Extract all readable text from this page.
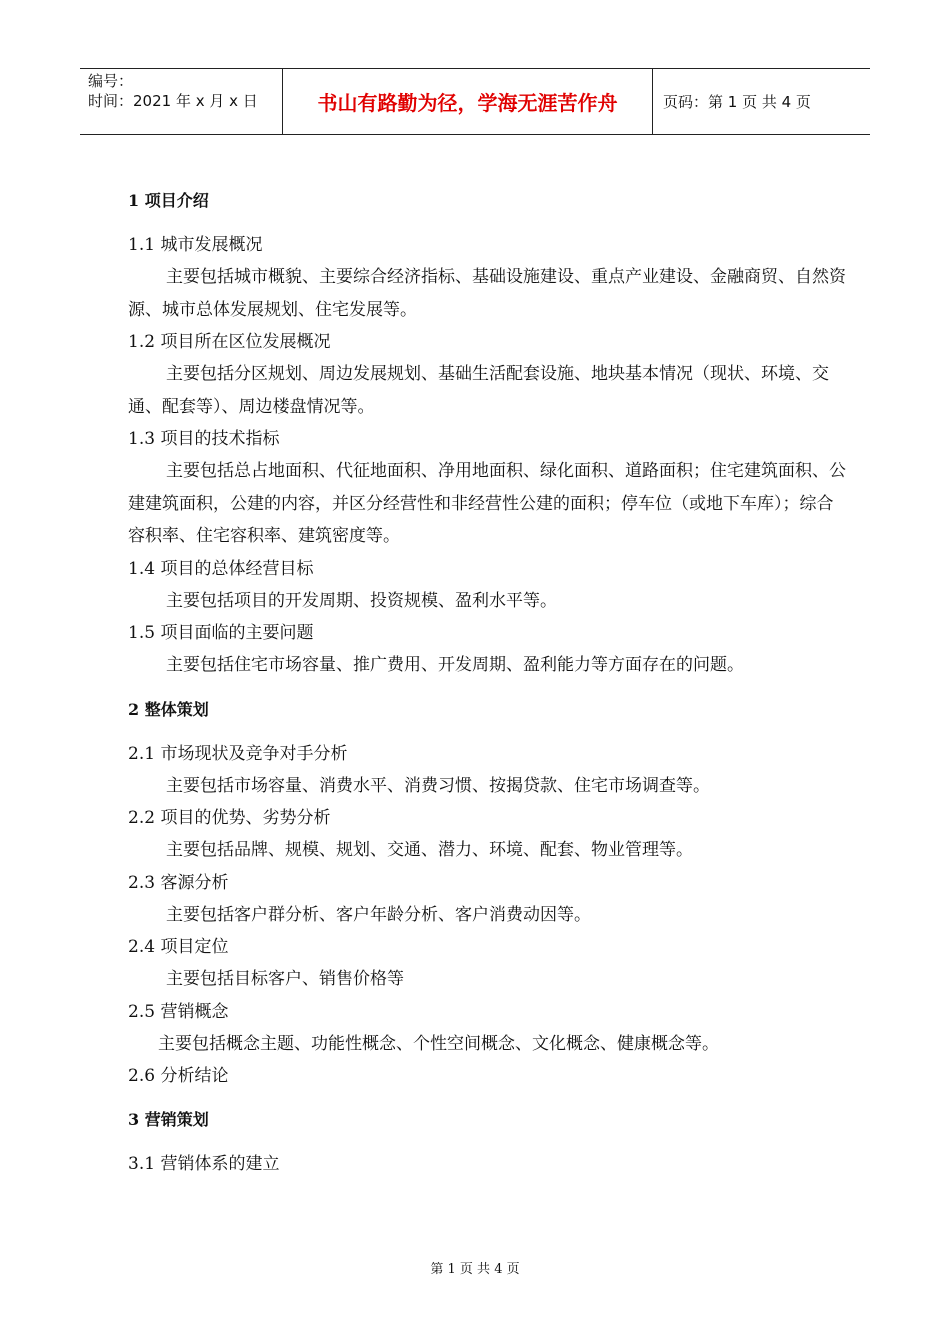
编号：
时间：2021 年 x 月 x 日	书山有路勤为径，学海无涯苦作舟	页码：第 1 页 共 4 页

1 项目介绍

1.1 城市发展概况

主要包括城市概貌、主要综合经济指标、基础设施建设、重点产业建设、金融商贸、自然资源、城市总体发展规划、住宅发展等。

1.2 项目所在区位发展概况

主要包括分区规划、周边发展规划、基础生活配套设施、地块基本情况（现状、环境、交通、配套等）、周边楼盘情况等。

1.3 项目的技术指标

主要包括总占地面积、代征地面积、净用地面积、绿化面积、道路面积；住宅建筑面积、公建建筑面积，公建的内容，并区分经营性和非经营性公建的面积；停车位（或地下车库）；综合容积率、住宅容积率、建筑密度等。

1.4 项目的总体经营目标

主要包括项目的开发周期、投资规模、盈利水平等。

1.5 项目面临的主要问题

主要包括住宅市场容量、推广费用、开发周期、盈利能力等方面存在的问题。

2 整体策划

2.1 市场现状及竞争对手分析

主要包括市场容量、消费水平、消费习惯、按揭贷款、住宅市场调查等。

2.2 项目的优势、劣势分析

主要包括品牌、规模、规划、交通、潜力、环境、配套、物业管理等。

2.3 客源分析

主要包括客户群分析、客户年龄分析、客户消费动因等。

2.4 项目定位

主要包括目标客户、销售价格等

2.5 营销概念

主要包括概念主题、功能性概念、个性空间概念、文化概念、健康概念等。

2.6 分析结论

3 营销策划

3.1 营销体系的建立

第 1 页 共 4 页
